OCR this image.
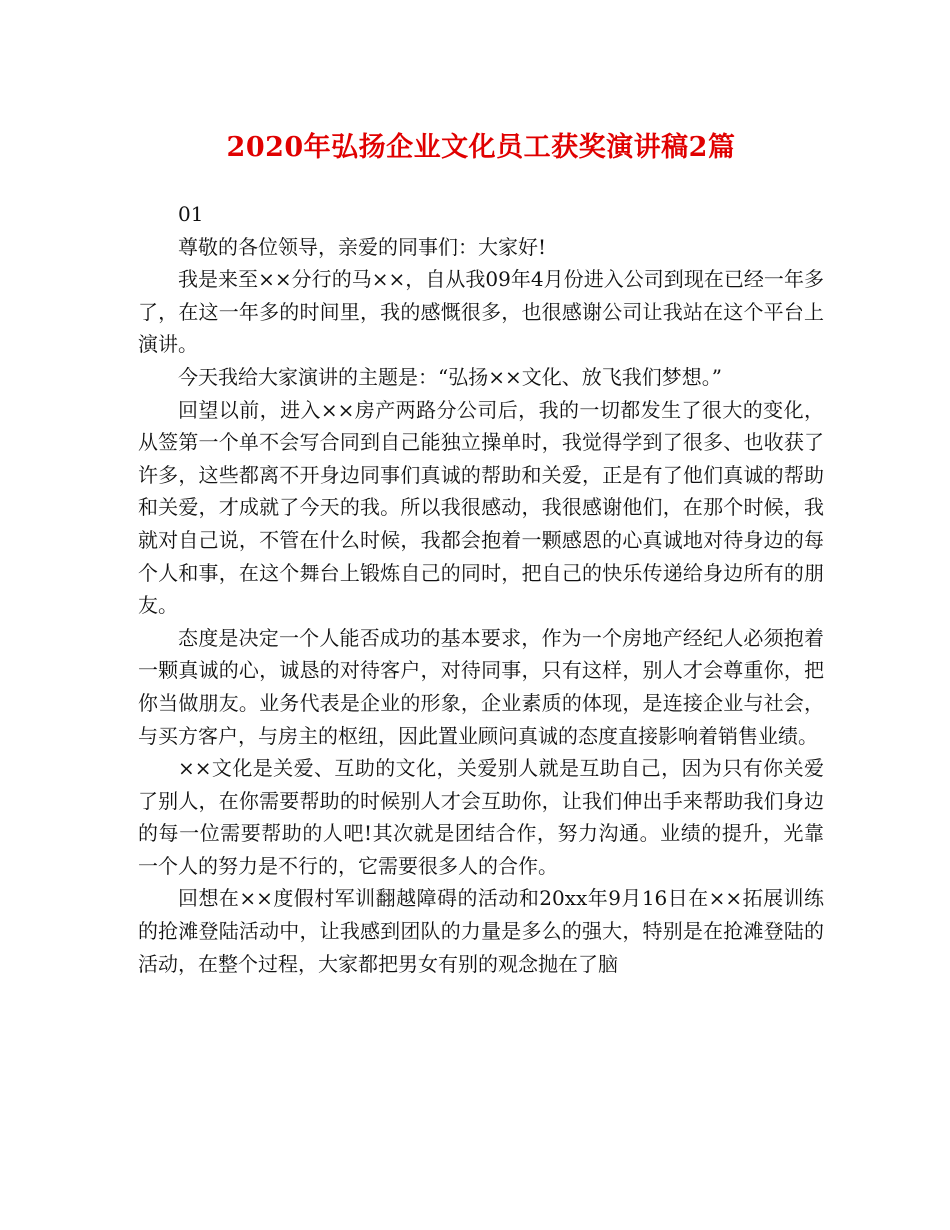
2020年弘扬企业文化员工获奖演讲稿2篇

01

尊敬的各位领导，亲爱的同事们：大家好!

我是来至××分行的马××，自从我09年4月份进入公司到现在已经一年多了，在这一年多的时间里，我的感慨很多，也很感谢公司让我站在这个平台上演讲。

今天我给大家演讲的主题是：“弘扬××文化、放飞我们梦想。”

回望以前，进入××房产两路分公司后，我的一切都发生了很大的变化，从签第一个单不会写合同到自己能独立操单时，我觉得学到了很多、也收获了许多，这些都离不开身边同事们真诚的帮助和关爱，正是有了他们真诚的帮助和关爱，才成就了今天的我。所以我很感动，我很感谢他们，在那个时候，我就对自己说，不管在什么时候，我都会抱着一颗感恩的心真诚地对待身边的每个人和事，在这个舞台上锻炼自己的同时，把自己的快乐传递给身边所有的朋友。

态度是决定一个人能否成功的基本要求，作为一个房地产经纪人必须抱着一颗真诚的心，诚恳的对待客户，对待同事，只有这样，别人才会尊重你，把你当做朋友。业务代表是企业的形象，企业素质的体现，是连接企业与社会，与买方客户，与房主的枢纽，因此置业顾问真诚的态度直接影响着销售业绩。

××文化是关爱、互助的文化，关爱别人就是互助自己，因为只有你关爱了别人，在你需要帮助的时候别人才会互助你，让我们伸出手来帮助我们身边的每一位需要帮助的人吧!其次就是团结合作，努力沟通。业绩的提升，光靠一个人的努力是不行的，它需要很多人的合作。

回想在××度假村军训翻越障碍的活动和20xx年9月16日在××拓展训练的抢滩登陆活动中，让我感到团队的力量是多么的强大，特别是在抢滩登陆的活动，在整个过程，大家都把男女有别的观念抛在了脑
